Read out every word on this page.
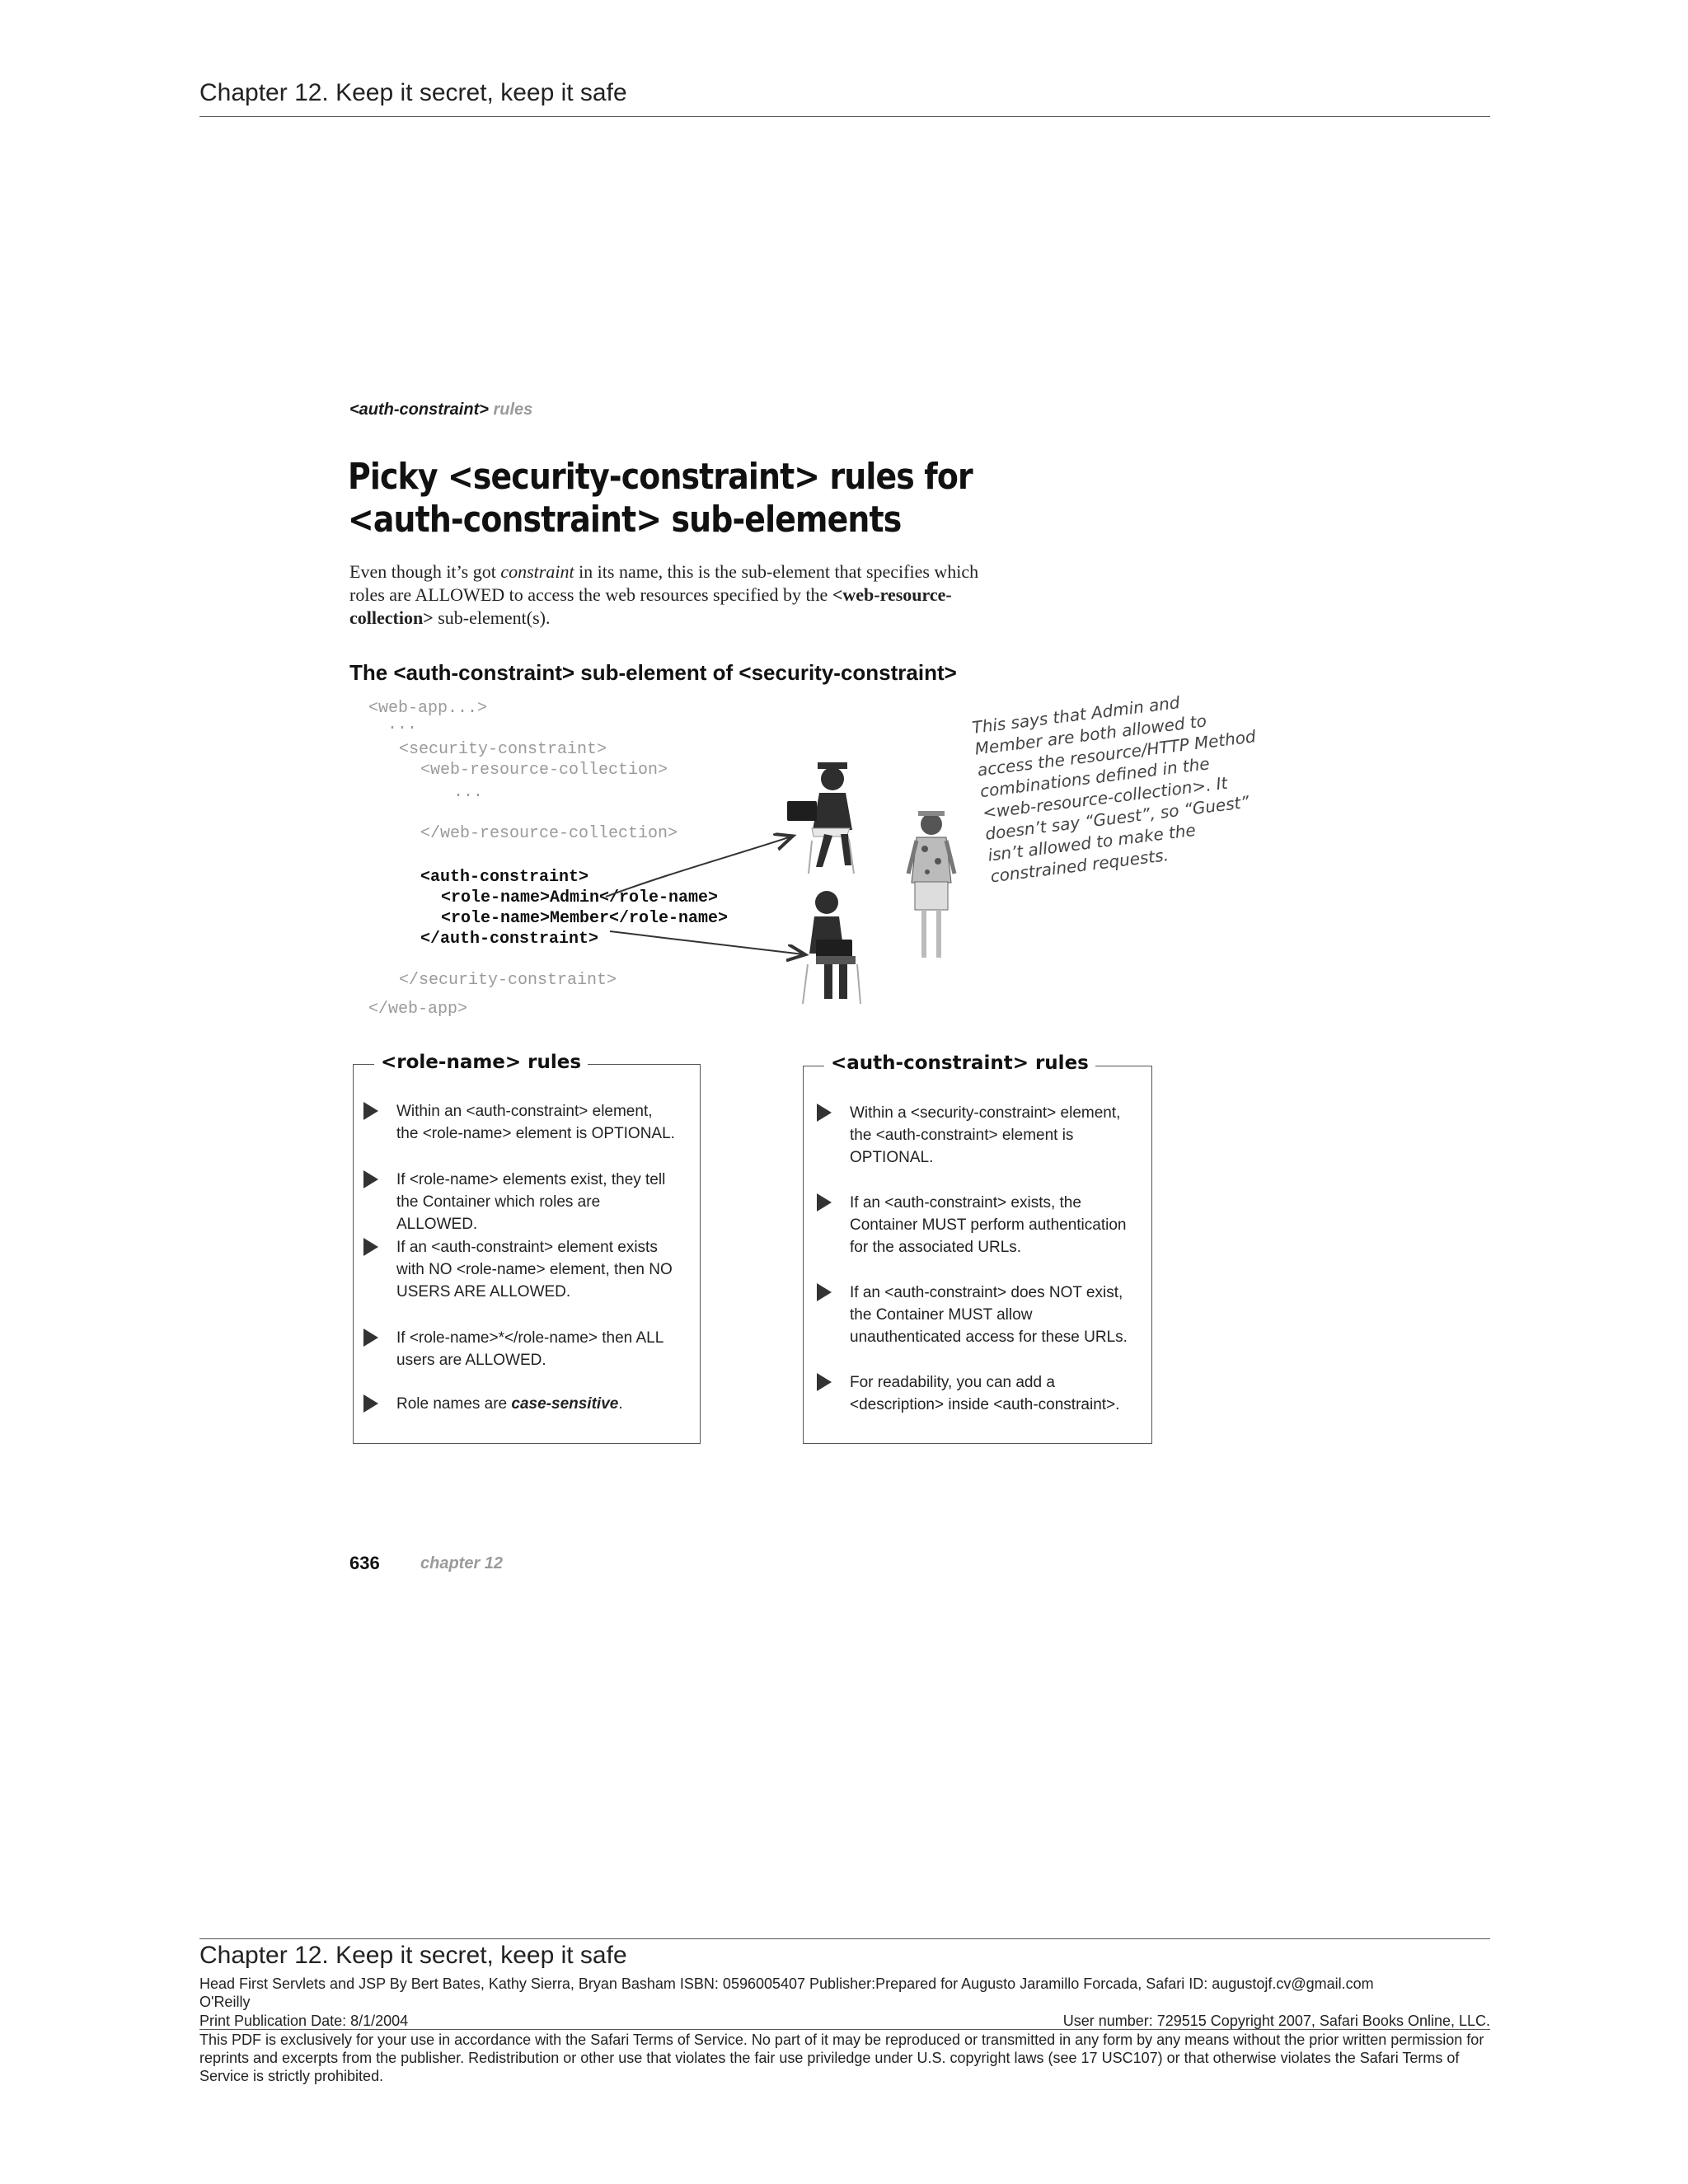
Chapter 12. Keep it secret, keep it safe
<auth-constraint> rules
Picky <security-constraint> rules for
<auth-constraint> sub-elements
Even though it’s got constraint in its name, this is the sub-element that specifies which roles are ALLOWED to access the web resources specified by the <web-resource-collection> sub-element(s).
The <auth-constraint> sub-element of <security-constraint>
<web-app...>
...
<security-constraint>
<web-resource-collection>
...
</web-resource-collection>
<auth-constraint>
<role-name>Admin</role-name>
<role-name>Member</role-name>
</auth-constraint>
</security-constraint>
</web-app>
This says that Admin and Member are both allowed to access the resource/HTTP Method combinations defined in the <web-resource-collection>. It doesn’t say “Guest”, so “Guest” isn’t allowed to make the constrained requests.
<role-name> rules
Within an <auth-constraint> element, the <role-name> element is OPTIONAL.
If <role-name> elements exist, they tell the Container which roles are ALLOWED.
If an <auth-constraint> element exists with NO <role-name> element, then NO USERS ARE ALLOWED.
If <role-name>*</role-name> then ALL users are ALLOWED.
Role names are case-sensitive.
<auth-constraint> rules
Within a <security-constraint> element, the <auth-constraint> element is OPTIONAL.
If an <auth-constraint> exists, the Container MUST perform authentication for the associated URLs.
If an <auth-constraint> does NOT exist, the Container MUST allow unauthenticated access for these URLs.
For readability, you can add a <description> inside <auth-constraint>.
636 chapter 12
Chapter 12. Keep it secret, keep it safe
Head First Servlets and JSP By Bert Bates, Kathy Sierra, Bryan Basham ISBN: 0596005407 Publisher:Prepared for Augusto Jaramillo Forcada, Safari ID: augustojf.cv@gmail.com
O'Reilly
Print Publication Date: 8/1/2004	User number: 729515 Copyright 2007, Safari Books Online, LLC.
This PDF is exclusively for your use in accordance with the Safari Terms of Service. No part of it may be reproduced or transmitted in any form by any means without the prior written permission for reprints and excerpts from the publisher. Redistribution or other use that violates the fair use priviledge under U.S. copyright laws (see 17 USC107) or that otherwise violates the Safari Terms of Service is strictly prohibited.
